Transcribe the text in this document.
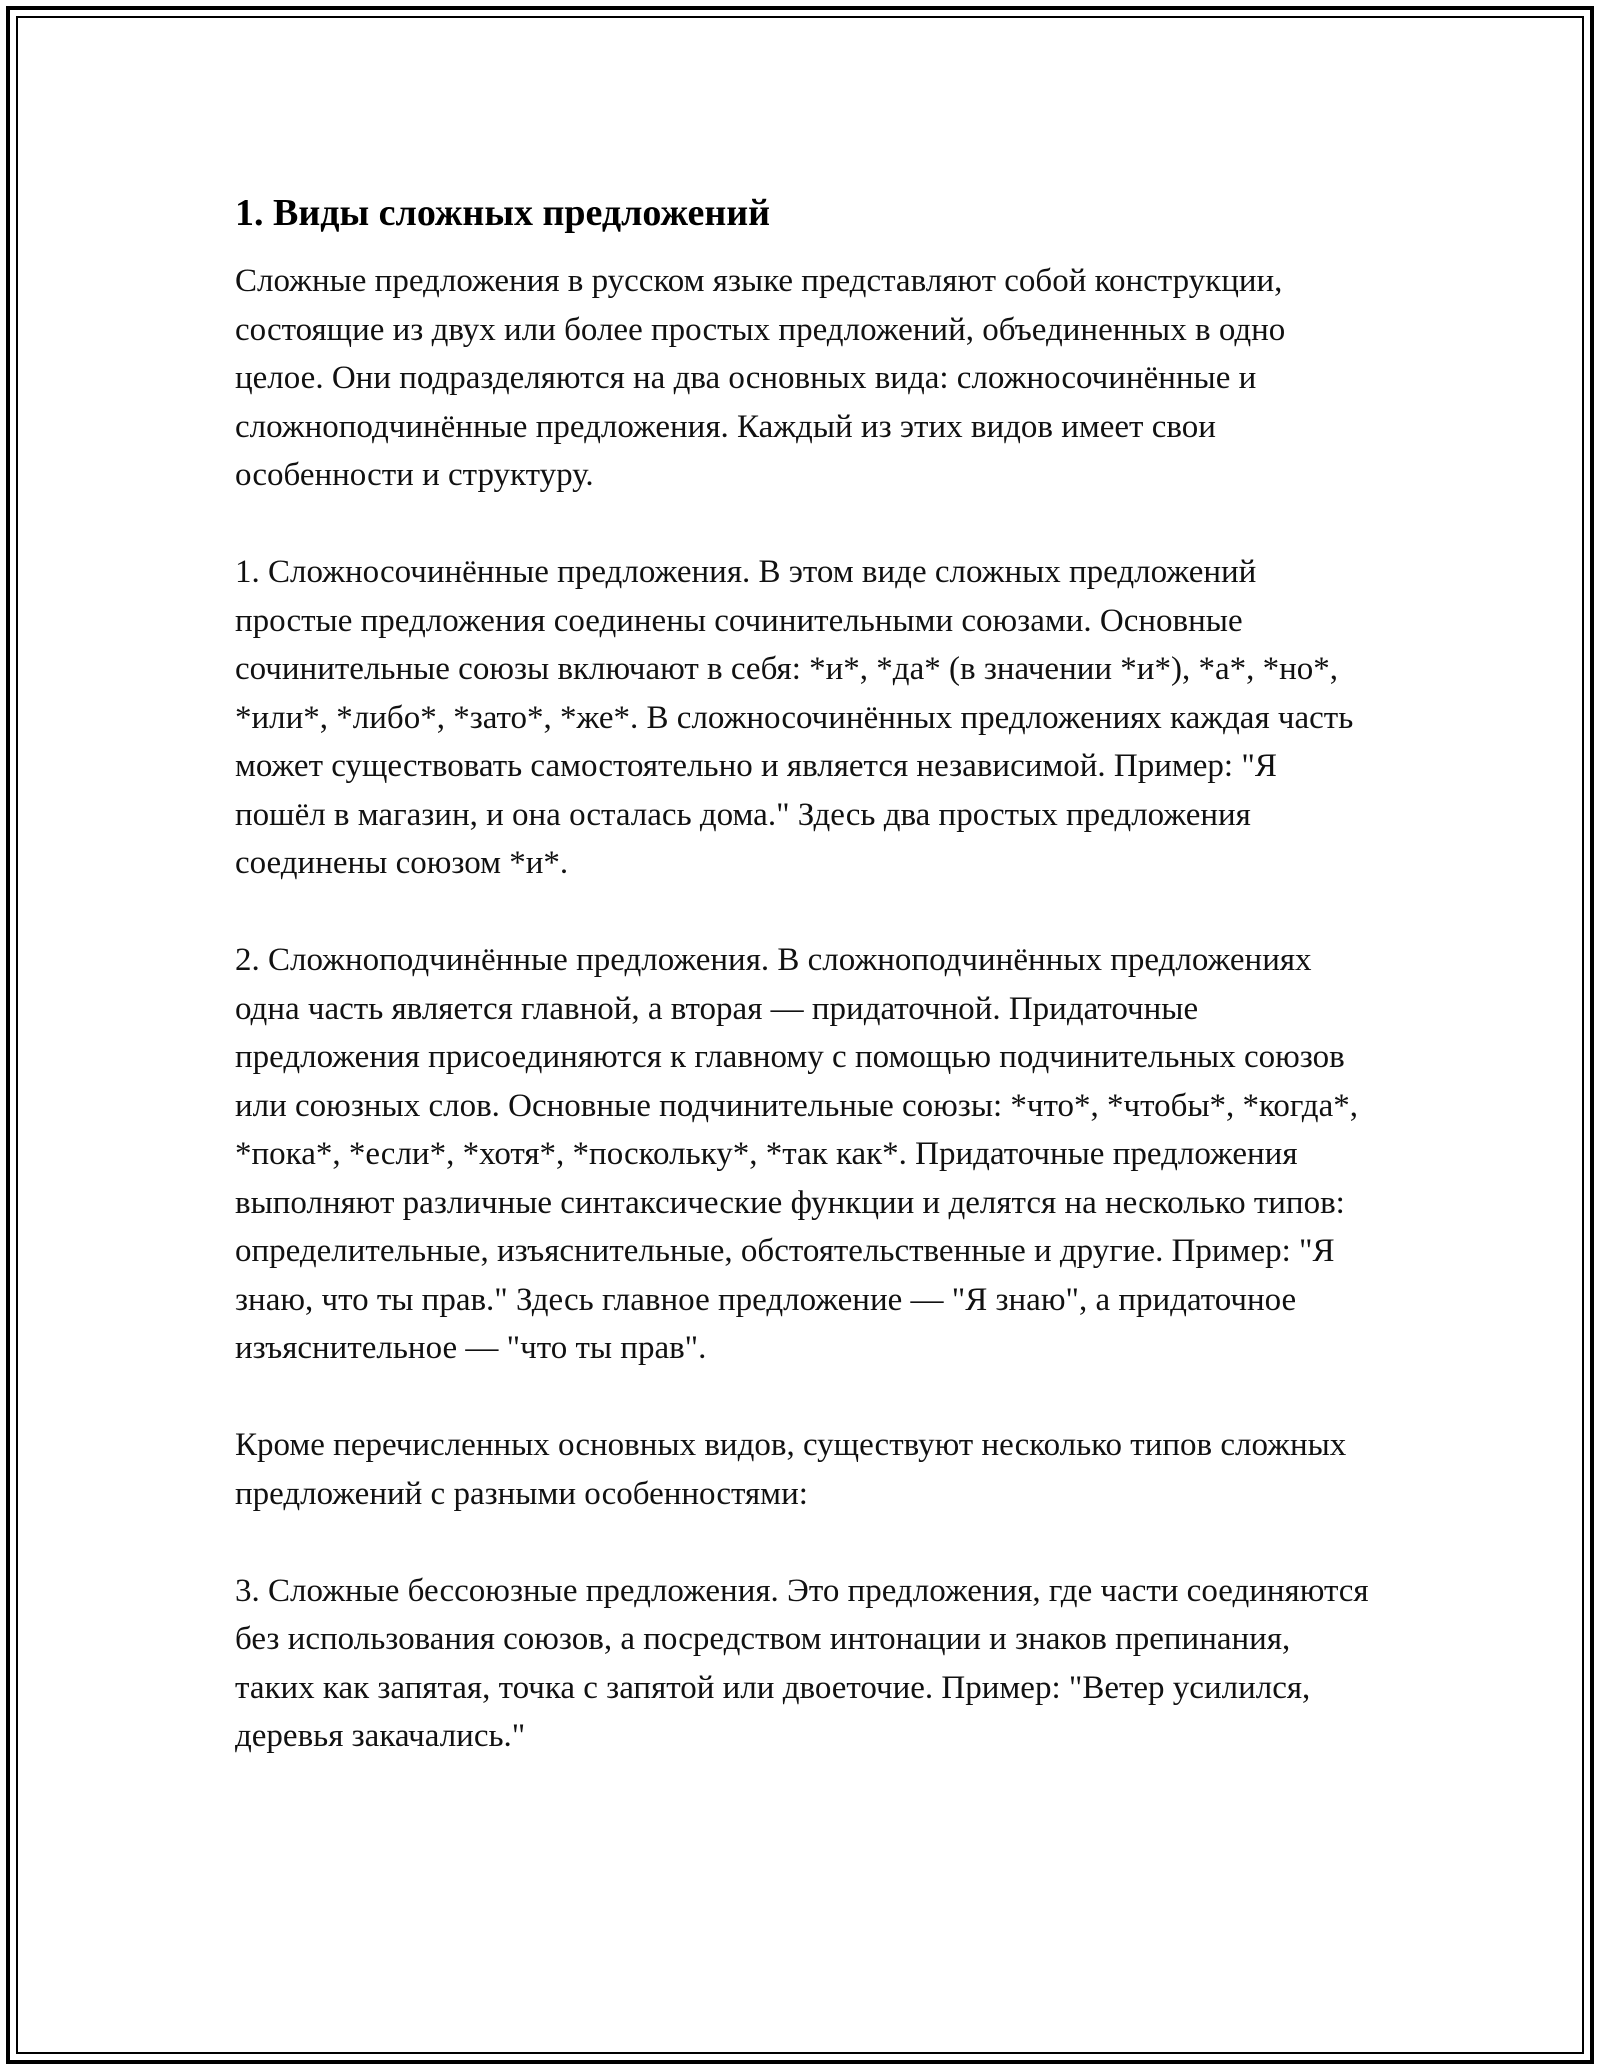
1. Виды сложных предложений

Сложные предложения в русском языке представляют собой конструкции, состоящие из двух или более простых предложений, объединенных в одно целое. Они подразделяются на два основных вида: сложносочинённые и сложноподчинённые предложения. Каждый из этих видов имеет свои особенности и структуру.

1. Сложносочинённые предложения. В этом виде сложных предложений простые предложения соединены сочинительными союзами. Основные сочинительные союзы включают в себя: *и*, *да* (в значении *и*), *а*, *но*, *или*, *либо*, *зато*, *же*. В сложносочинённых предложениях каждая часть может существовать самостоятельно и является независимой. Пример: "Я пошёл в магазин, и она осталась дома." Здесь два простых предложения соединены союзом *и*.

2. Сложноподчинённые предложения. В сложноподчинённых предложениях одна часть является главной, а вторая — придаточной. Придаточные предложения присоединяются к главному с помощью подчинительных союзов или союзных слов. Основные подчинительные союзы: *что*, *чтобы*, *когда*, *пока*, *если*, *хотя*, *поскольку*, *так как*. Придаточные предложения выполняют различные синтаксические функции и делятся на несколько типов: определительные, изъяснительные, обстоятельственные и другие. Пример: "Я знаю, что ты прав." Здесь главное предложение — "Я знаю", а придаточное изъяснительное — "что ты прав".

Кроме перечисленных основных видов, существуют несколько типов сложных предложений с разными особенностями:

3. Сложные бессоюзные предложения. Это предложения, где части соединяются без использования союзов, а посредством интонации и знаков препинания, таких как запятая, точка с запятой или двоеточие. Пример: "Ветер усилился, деревья закачались."
